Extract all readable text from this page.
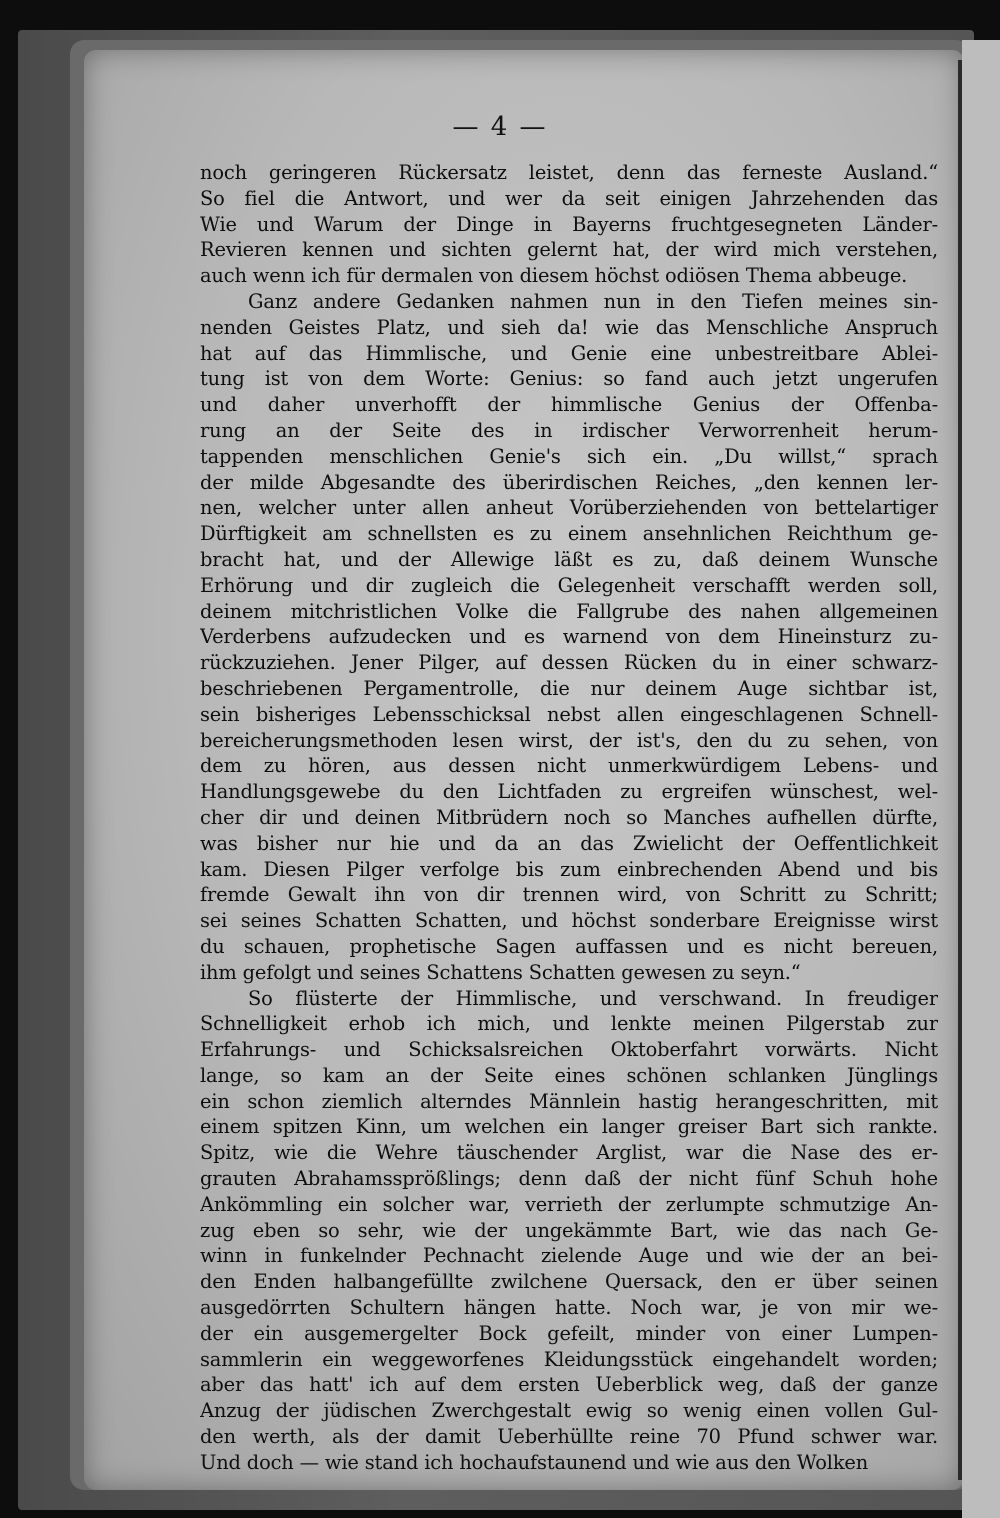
— 4 —
noch geringeren Rückersatz leistet, denn das ferneste Ausland.“
So fiel die Antwort, und wer da seit einigen Jahrzehenden das
Wie und Warum der Dinge in Bayerns fruchtgesegneten Länder-
Revieren kennen und sichten gelernt hat, der wird mich verstehen,
auch wenn ich für dermalen von diesem höchst odiösen Thema abbeuge.
Ganz andere Gedanken nahmen nun in den Tiefen meines sin-
nenden Geistes Platz, und sieh da! wie das Menschliche Anspruch
hat auf das Himmlische, und Genie eine unbestreitbare Ablei-
tung ist von dem Worte: Genius: so fand auch jetzt ungerufen
und daher unverhofft der himmlische Genius der Offenba-
rung an der Seite des in irdischer Verworrenheit herum-
tappenden menschlichen Genie's sich ein. „Du willst,“ sprach
der milde Abgesandte des überirdischen Reiches, „den kennen ler-
nen, welcher unter allen anheut Vorüberziehenden von bettelartiger
Dürftigkeit am schnellsten es zu einem ansehnlichen Reichthum ge-
bracht hat, und der Allewige läßt es zu, daß deinem Wunsche
Erhörung und dir zugleich die Gelegenheit verschafft werden soll,
deinem mitchristlichen Volke die Fallgrube des nahen allgemeinen
Verderbens aufzudecken und es warnend von dem Hineinsturz zu-
rückzuziehen. Jener Pilger, auf dessen Rücken du in einer schwarz-
beschriebenen Pergamentrolle, die nur deinem Auge sichtbar ist,
sein bisheriges Lebensschicksal nebst allen eingeschlagenen Schnell-
bereicherungsmethoden lesen wirst, der ist's, den du zu sehen, von
dem zu hören, aus dessen nicht unmerkwürdigem Lebens- und
Handlungsgewebe du den Lichtfaden zu ergreifen wünschest, wel-
cher dir und deinen Mitbrüdern noch so Manches aufhellen dürfte,
was bisher nur hie und da an das Zwielicht der Oeffentlichkeit
kam. Diesen Pilger verfolge bis zum einbrechenden Abend und bis
fremde Gewalt ihn von dir trennen wird, von Schritt zu Schritt;
sei seines Schatten Schatten, und höchst sonderbare Ereignisse wirst
du schauen, prophetische Sagen auffassen und es nicht bereuen,
ihm gefolgt und seines Schattens Schatten gewesen zu seyn.“
So flüsterte der Himmlische, und verschwand. In freudiger
Schnelligkeit erhob ich mich, und lenkte meinen Pilgerstab zur
Erfahrungs- und Schicksalsreichen Oktoberfahrt vorwärts. Nicht
lange, so kam an der Seite eines schönen schlanken Jünglings
ein schon ziemlich alterndes Männlein hastig herangeschritten, mit
einem spitzen Kinn, um welchen ein langer greiser Bart sich rankte.
Spitz, wie die Wehre täuschender Arglist, war die Nase des er-
grauten Abrahamssprößlings; denn daß der nicht fünf Schuh hohe
Ankömmling ein solcher war, verrieth der zerlumpte schmutzige An-
zug eben so sehr, wie der ungekämmte Bart, wie das nach Ge-
winn in funkelnder Pechnacht zielende Auge und wie der an bei-
den Enden halbangefüllte zwilchene Quersack, den er über seinen
ausgedörrten Schultern hängen hatte. Noch war, je von mir we-
der ein ausgemergelter Bock gefeilt, minder von einer Lumpen-
sammlerin ein weggeworfenes Kleidungsstück eingehandelt worden;
aber das hatt' ich auf dem ersten Ueberblick weg, daß der ganze
Anzug der jüdischen Zwerchgestalt ewig so wenig einen vollen Gul-
den werth, als der damit Ueberhüllte reine 70 Pfund schwer war.
Und doch — wie stand ich hochaufstaunend und wie aus den Wolken
